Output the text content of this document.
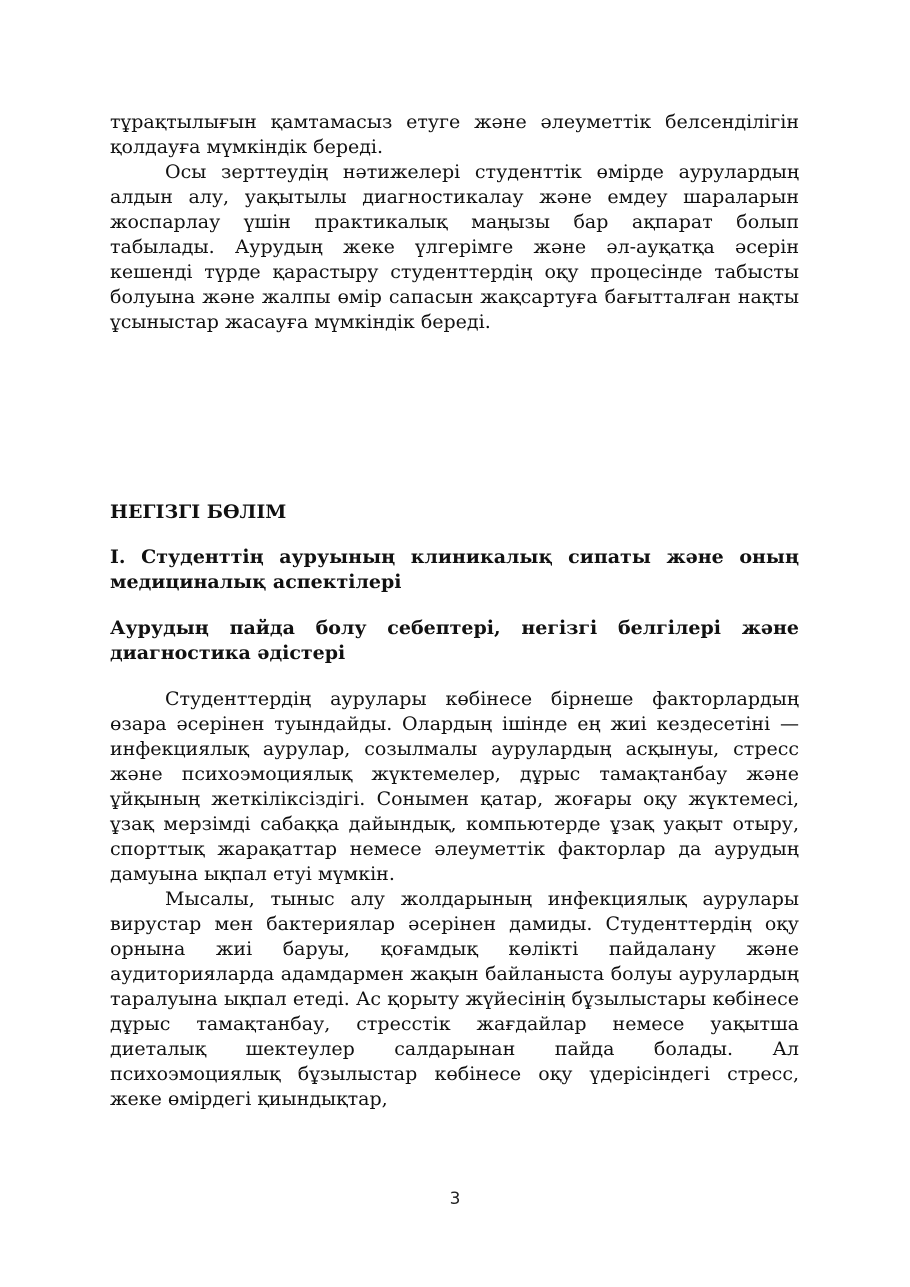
тұрақтылығын қамтамасыз етуге және әлеуметтік белсенділігін қолдауға мүмкіндік береді.

Осы зерттеудің нәтижелері студенттік өмірде аурулардың алдын алу, уақытылы диагностикалау және емдеу шараларын жоспарлау үшін практикалық маңызы бар ақпарат болып табылады. Аурудың жеке үлгерімге және әл-ауқатқа әсерін кешенді түрде қарастыру студенттердің оқу процесінде табысты болуына және жалпы өмір сапасын жақсартуға бағытталған нақты ұсыныстар жасауға мүмкіндік береді.

НЕГІЗГІ БӨЛІМ
I. Студенттің ауруының клиникалық сипаты және оның медициналық аспектілері
Аурудың пайда болу себептері, негізгі белгілері және диагностика әдістері

Студенттердің аурулары көбінесе бірнеше факторлардың өзара әсерінен туындайды. Олардың ішінде ең жиі кездесетіні — инфекциялық аурулар, созылмалы аурулардың асқынуы, стресс және психоэмоциялық жүктемелер, дұрыс тамақтанбау және ұйқының жеткіліксіздігі. Сонымен қатар, жоғары оқу жүктемесі, ұзақ мерзімді сабаққа дайындық, компьютерде ұзақ уақыт отыру, спорттық жарақаттар немесе әлеуметтік факторлар да аурудың дамуына ықпал етуі мүмкін.

Мысалы, тыныс алу жолдарының инфекциялық аурулары вирустар мен бактериялар әсерінен дамиды. Студенттердің оқу орнына жиі баруы, қоғамдық көлікті пайдалану және аудиторияларда адамдармен жақын байланыста болуы аурулардың таралуына ықпал етеді. Ас қорыту жүйесінің бұзылыстары көбінесе дұрыс тамақтанбау, стресстік жағдайлар немесе уақытша диеталық шектеулер салдарынан пайда болады. Ал психоэмоциялық бұзылыстар көбінесе оқу үдерісіндегі стресс, жеке өмірдегі қиындықтар,

3
